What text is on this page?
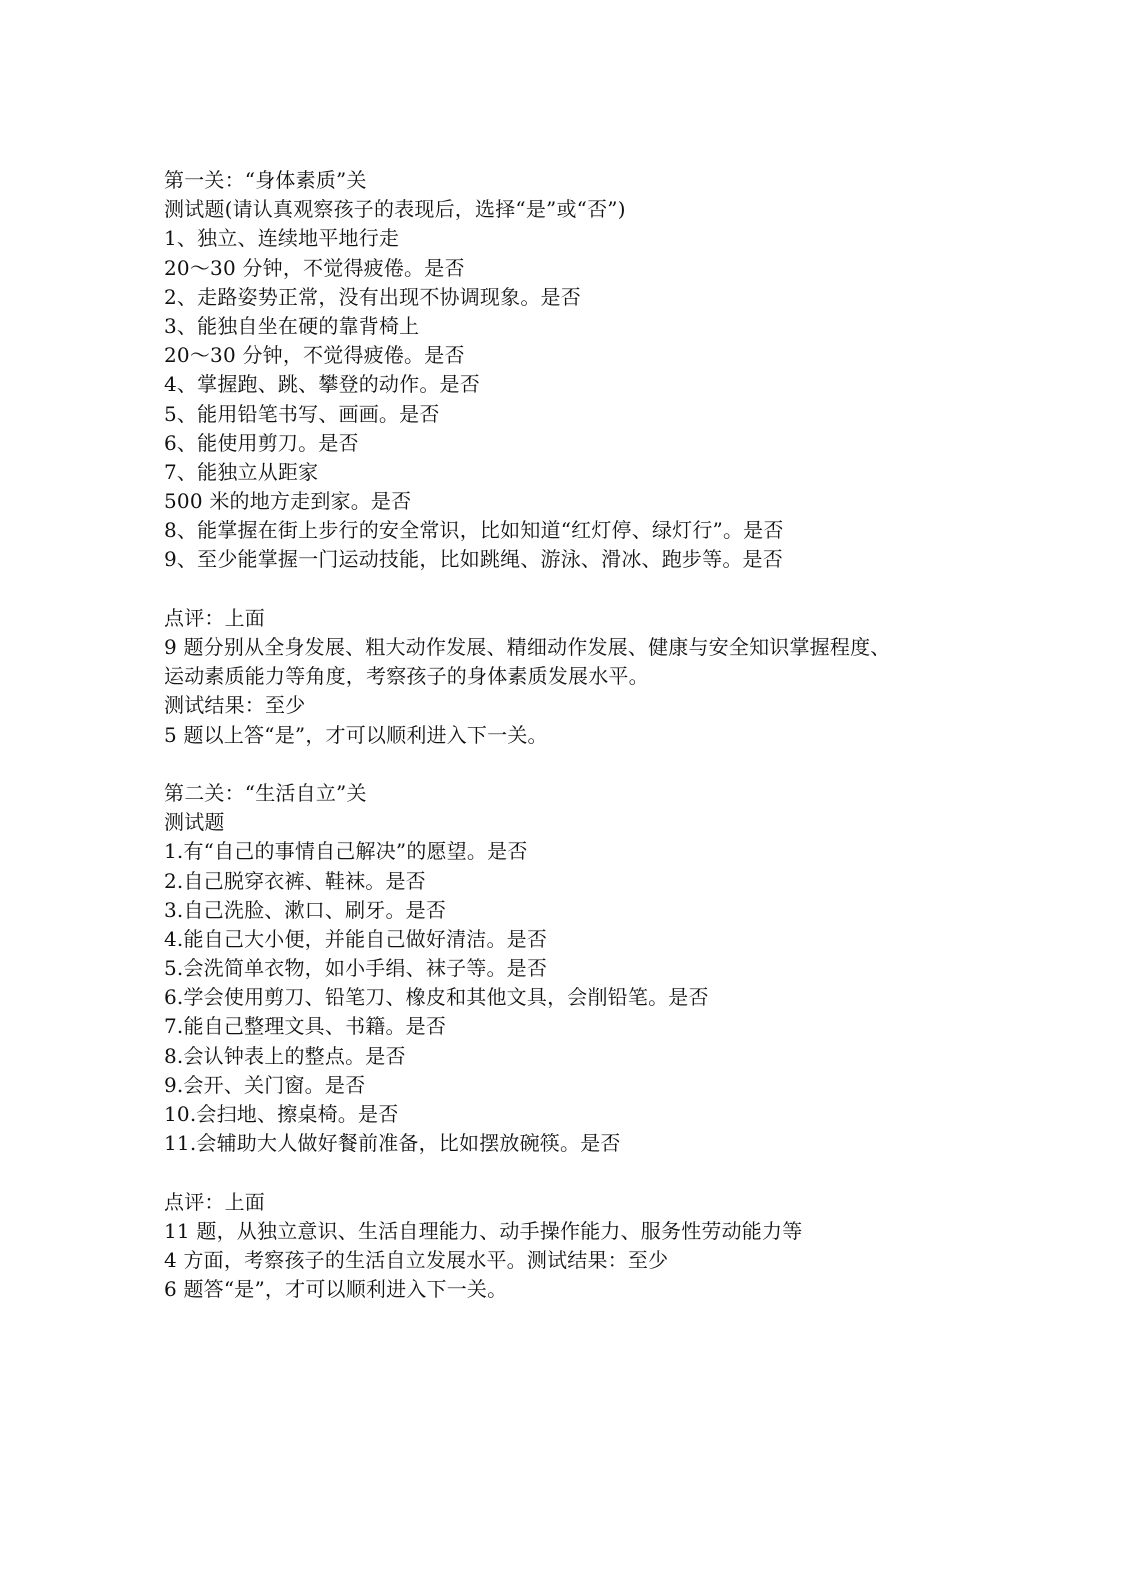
第一关：“身体素质”关
测试题(请认真观察孩子的表现后，选择“是”或“否”)
1、独立、连续地平地行走
20～30 分钟，不觉得疲倦。是否
2、走路姿势正常，没有出现不协调现象。是否
3、能独自坐在硬的靠背椅上
20～30 分钟，不觉得疲倦。是否
4、掌握跑、跳、攀登的动作。是否
5、能用铅笔书写、画画。是否
6、能使用剪刀。是否
7、能独立从距家
500 米的地方走到家。是否
8、能掌握在街上步行的安全常识，比如知道“红灯停、绿灯行”。是否
9、至少能掌握一门运动技能，比如跳绳、游泳、滑冰、跑步等。是否
点评：上面
9 题分别从全身发展、粗大动作发展、精细动作发展、健康与安全知识掌握程度、
运动素质能力等角度，考察孩子的身体素质发展水平。
测试结果：至少
5 题以上答“是”，才可以顺利进入下一关。
第二关：“生活自立”关
测试题
1.有“自己的事情自己解决”的愿望。是否
2.自己脱穿衣裤、鞋袜。是否
3.自己洗脸、漱口、刷牙。是否
4.能自己大小便，并能自己做好清洁。是否
5.会洗简单衣物，如小手绢、袜子等。是否
6.学会使用剪刀、铅笔刀、橡皮和其他文具，会削铅笔。是否
7.能自己整理文具、书籍。是否
8.会认钟表上的整点。是否
9.会开、关门窗。是否
10.会扫地、擦桌椅。是否
11.会辅助大人做好餐前准备，比如摆放碗筷。是否
点评：上面
11 题，从独立意识、生活自理能力、动手操作能力、服务性劳动能力等
4 方面，考察孩子的生活自立发展水平。测试结果：至少
6 题答“是”，才可以顺利进入下一关。
